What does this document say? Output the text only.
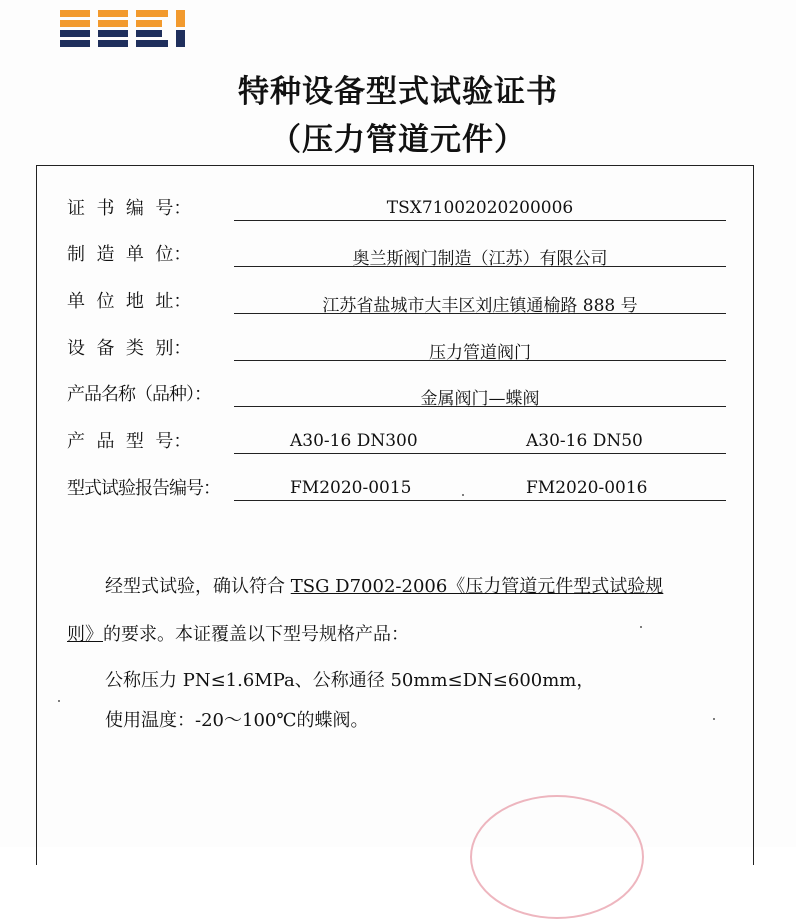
特种设备型式试验证书
（压力管道元件）
证  书  编  号：	TSX71002020200006
制  造  单  位：	奥兰斯阀门制造（江苏）有限公司
单  位  地  址：	江苏省盐城市大丰区刘庄镇通榆路 888 号
设  备  类  别：	压力管道阀门
产品名称（品种）：	金属阀门—蝶阀
产  品  型  号：	A30-16 DN300	A30-16 DN50
型式试验报告编号：	FM2020-0015	FM2020-0016
经型式试验，确认符合 TSG D7002-2006《压力管道元件型式试验规
则》的要求。本证覆盖以下型号规格产品：
公称压力 PN≤1.6MPa、公称通径 50mm≤DN≤600mm，
使用温度：-20～100℃的蝶阀。
